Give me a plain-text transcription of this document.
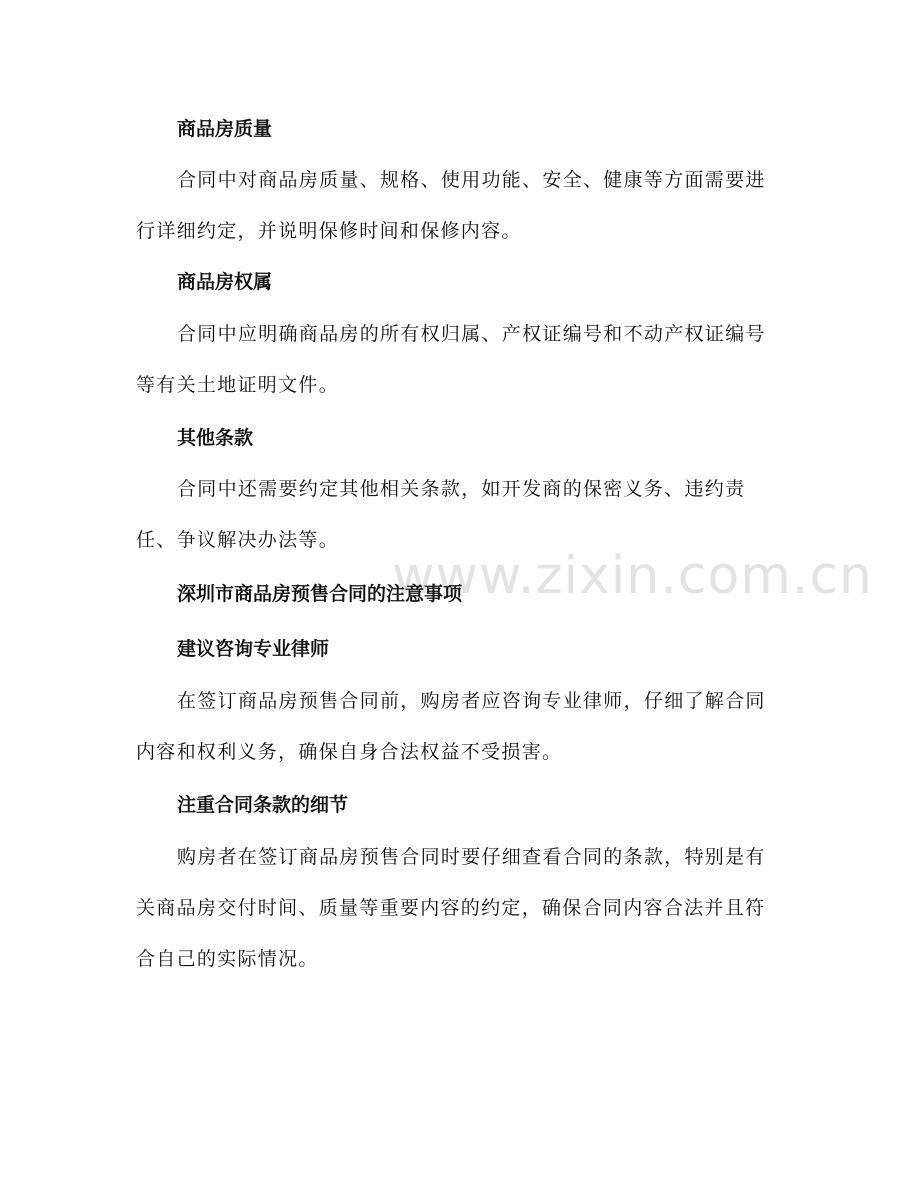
www.zixin.com.cn
商品房质量
合同中对商品房质量、规格、使用功能、安全、健康等方面需要进行详细约定，并说明保修时间和保修内容。
商品房权属
合同中应明确商品房的所有权归属、产权证编号和不动产权证编号等有关土地证明文件。
其他条款
合同中还需要约定其他相关条款，如开发商的保密义务、违约责任、争议解决办法等。
深圳市商品房预售合同的注意事项
建议咨询专业律师
在签订商品房预售合同前，购房者应咨询专业律师，仔细了解合同内容和权利义务，确保自身合法权益不受损害。
注重合同条款的细节
购房者在签订商品房预售合同时要仔细查看合同的条款，特别是有关商品房交付时间、质量等重要内容的约定，确保合同内容合法并且符合自己的实际情况。
